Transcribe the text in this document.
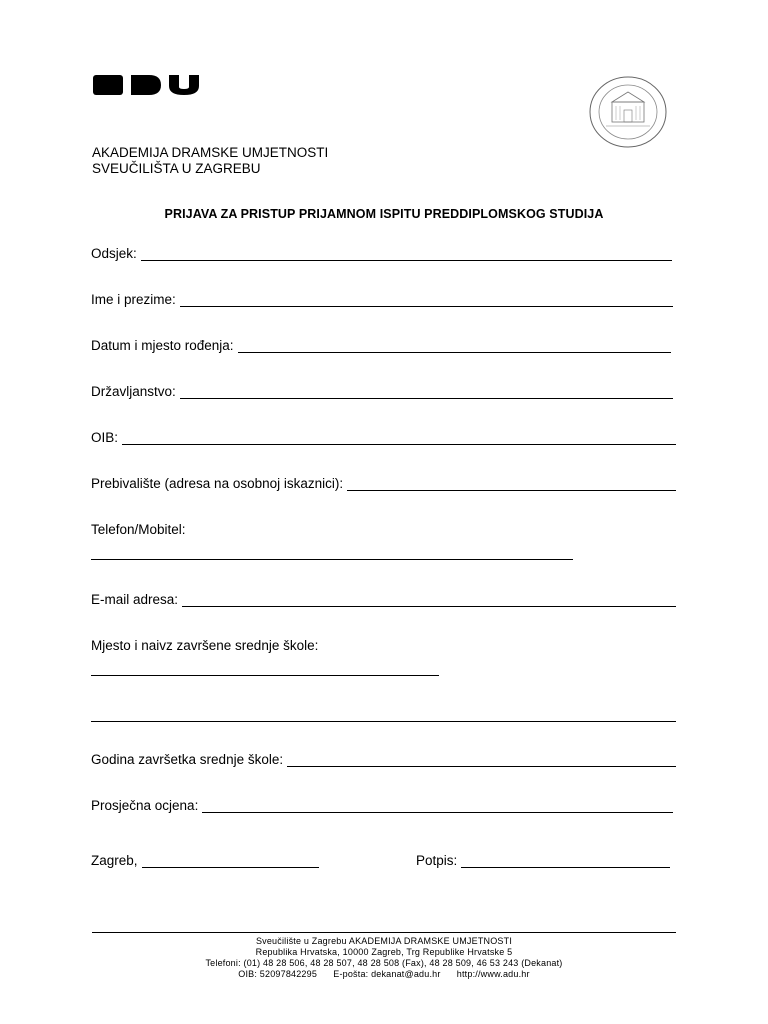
AKADEMIJA DRAMSKE UMJETNOSTI
SVEUČILIŠTA U ZAGREBU
PRIJAVA ZA PRISTUP PRIJAMNOM ISPITU PREDDIPLOMSKOG STUDIJA
Odsjek:
Ime i prezime:
Datum i mjesto rođenja:
Državljanstvo:
OIB:
Prebivalište (adresa na osobnoj iskaznici):
Telefon/Mobitel:
E-mail adresa:
Mjesto i naivz završene srednje škole:
Godina završetka srednje škole:
Prosječna ocjena:
Zagreb,	Potpis:
Sveučilište u Zagrebu AKADEMIJA DRAMSKE UMJETNOSTI
Republika Hrvatska, 10000 Zagreb, Trg Republike Hrvatske 5
Telefoni: (01) 48 28 506, 48 28 507, 48 28 508 (Fax), 48 28 509, 46 53 243 (Dekanat)
OIB: 52097842295 E-pošta: dekanat@adu.hr http://www.adu.hr
